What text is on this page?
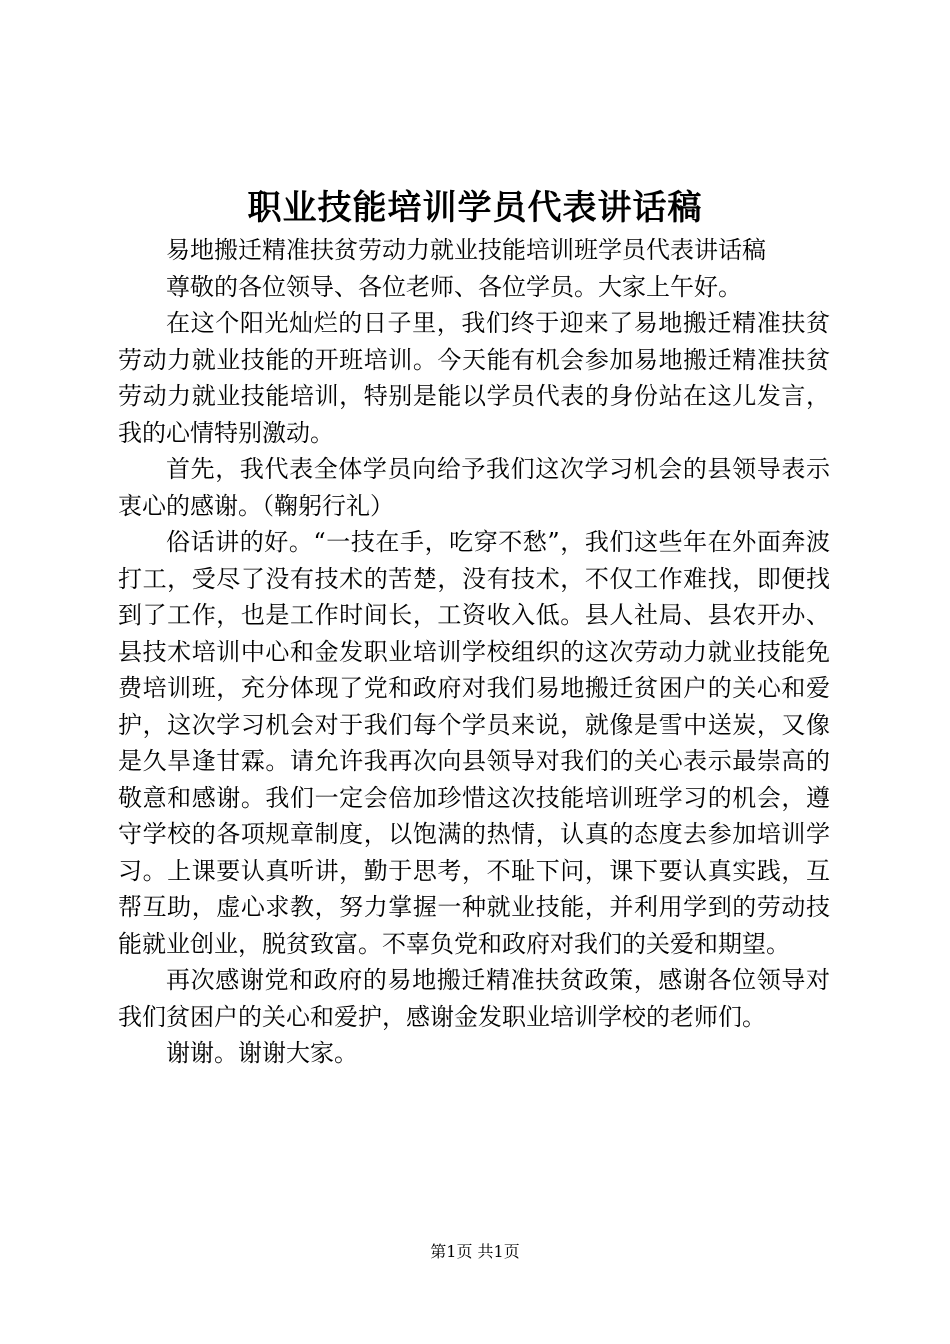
职业技能培训学员代表讲话稿

易地搬迁精准扶贫劳动力就业技能培训班学员代表讲话稿

尊敬的各位领导、各位老师、各位学员。大家上午好。

在这个阳光灿烂的日子里，我们终于迎来了易地搬迁精准扶贫劳动力就业技能的开班培训。今天能有机会参加易地搬迁精准扶贫劳动力就业技能培训，特别是能以学员代表的身份站在这儿发言，我的心情特别激动。

首先，我代表全体学员向给予我们这次学习机会的县领导表示衷心的感谢。（鞠躬行礼）

俗话讲的好。“一技在手，吃穿不愁”，我们这些年在外面奔波打工，受尽了没有技术的苦楚，没有技术，不仅工作难找，即便找到了工作，也是工作时间长，工资收入低。县人社局、县农开办、县技术培训中心和金发职业培训学校组织的这次劳动力就业技能免费培训班，充分体现了党和政府对我们易地搬迁贫困户的关心和爱护，这次学习机会对于我们每个学员来说，就像是雪中送炭，又像是久旱逢甘霖。请允许我再次向县领导对我们的关心表示最崇高的敬意和感谢。我们一定会倍加珍惜这次技能培训班学习的机会，遵守学校的各项规章制度，以饱满的热情，认真的态度去参加培训学习。上课要认真听讲，勤于思考，不耻下问，课下要认真实践，互帮互助，虚心求教，努力掌握一种就业技能，并利用学到的劳动技能就业创业，脱贫致富。不辜负党和政府对我们的关爱和期望。

再次感谢党和政府的易地搬迁精准扶贫政策，感谢各位领导对我们贫困户的关心和爱护，感谢金发职业培训学校的老师们。

谢谢。谢谢大家。

第1页 共1页
